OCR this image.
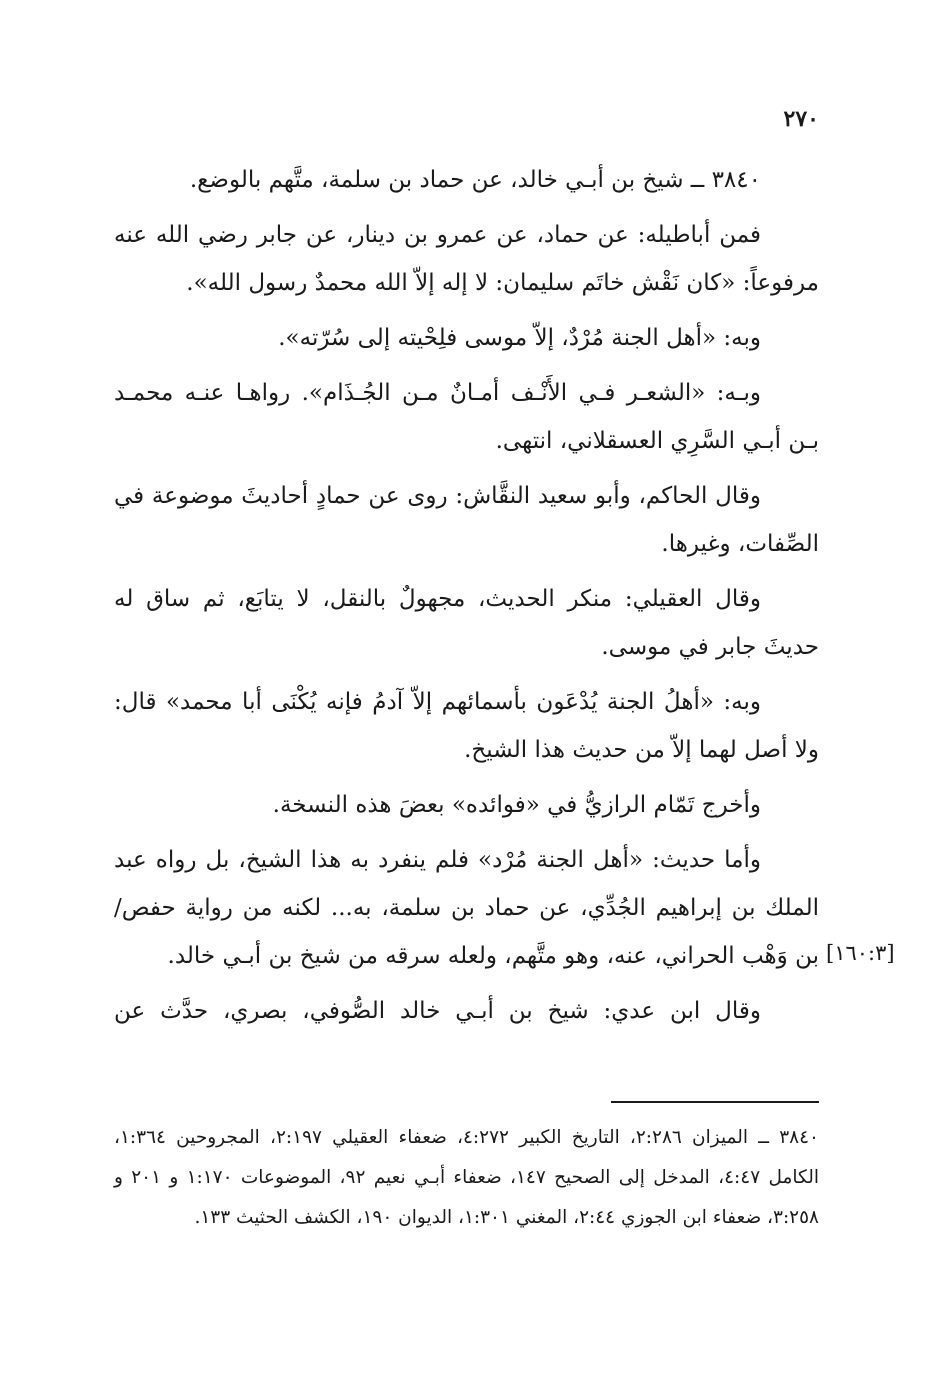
٢٧٠

٣٨٤٠ ــ شيخ بن أبـي خالد، عن حماد بن سلمة، متَّهم بالوضع.

فمن أباطيله: عن حماد، عن عمرو بن دينار، عن جابر رضي الله عنه مرفوعاً: «كان نَقْش خاتَم سليمان: لا إله إلاّ الله محمدٌ رسول الله».

وبه: «أهل الجنة مُرْدٌ، إلاّ موسى فلِحْيته إلى سُرّته».

وبـه: «الشعـر فـي الأَنْـف أمـانٌ مـن الجُـذَام». رواهـا عنـه محمـد بـن أبـي السَّرِي العسقلاني، انتهى.

وقال الحاكم، وأبو سعيد النقَّاش: روى عن حمادٍ أحاديثَ موضوعة في الصِّفات، وغيرها.

وقال العقيلي: منكر الحديث، مجهولٌ بالنقل، لا يتابَع، ثم ساق له حديثَ جابر في موسى.

وبه: «أهلُ الجنة يُدْعَون بأسمائهم إلاّ آدمُ فإنه يُكْنَى أبا محمد» قال: ولا أصل لهما إلاّ من حديث هذا الشيخ.

وأخرج تَمّام الرازيُّ في «فوائده» بعضَ هذه النسخة.

وأما حديث: «أهل الجنة مُرْد» فلم ينفرد به هذا الشيخ، بل رواه عبد الملك بن إبراهيم الجُدِّي، عن حماد بن سلمة، به... لكنه من رواية حفص/ بن وَهْب الحراني، عنه، وهو متَّهم، ولعله سرقه من شيخ بن أبـي خالد.

وقال ابن عدي: شيخ بن أبـي خالد الصُّوفي، بصري، حدَّث عن

[١٦٠:٣]

٣٨٤٠ ــ الميزان ٢:٢٨٦، التاريخ الكبير ٤:٢٧٢، ضعفاء العقيلي ٢:١٩٧، المجروحين ١:٣٦٤، الكامل ٤:٤٧، المدخل إلى الصحيح ١٤٧، ضعفاء أبـي نعيم ٩٢، الموضوعات ١:١٧٠ و ٢٠١ و ٣:٢٥٨، ضعفاء ابن الجوزي ٢:٤٤، المغني ١:٣٠١، الديوان ١٩٠، الكشف الحثيث ١٣٣.
